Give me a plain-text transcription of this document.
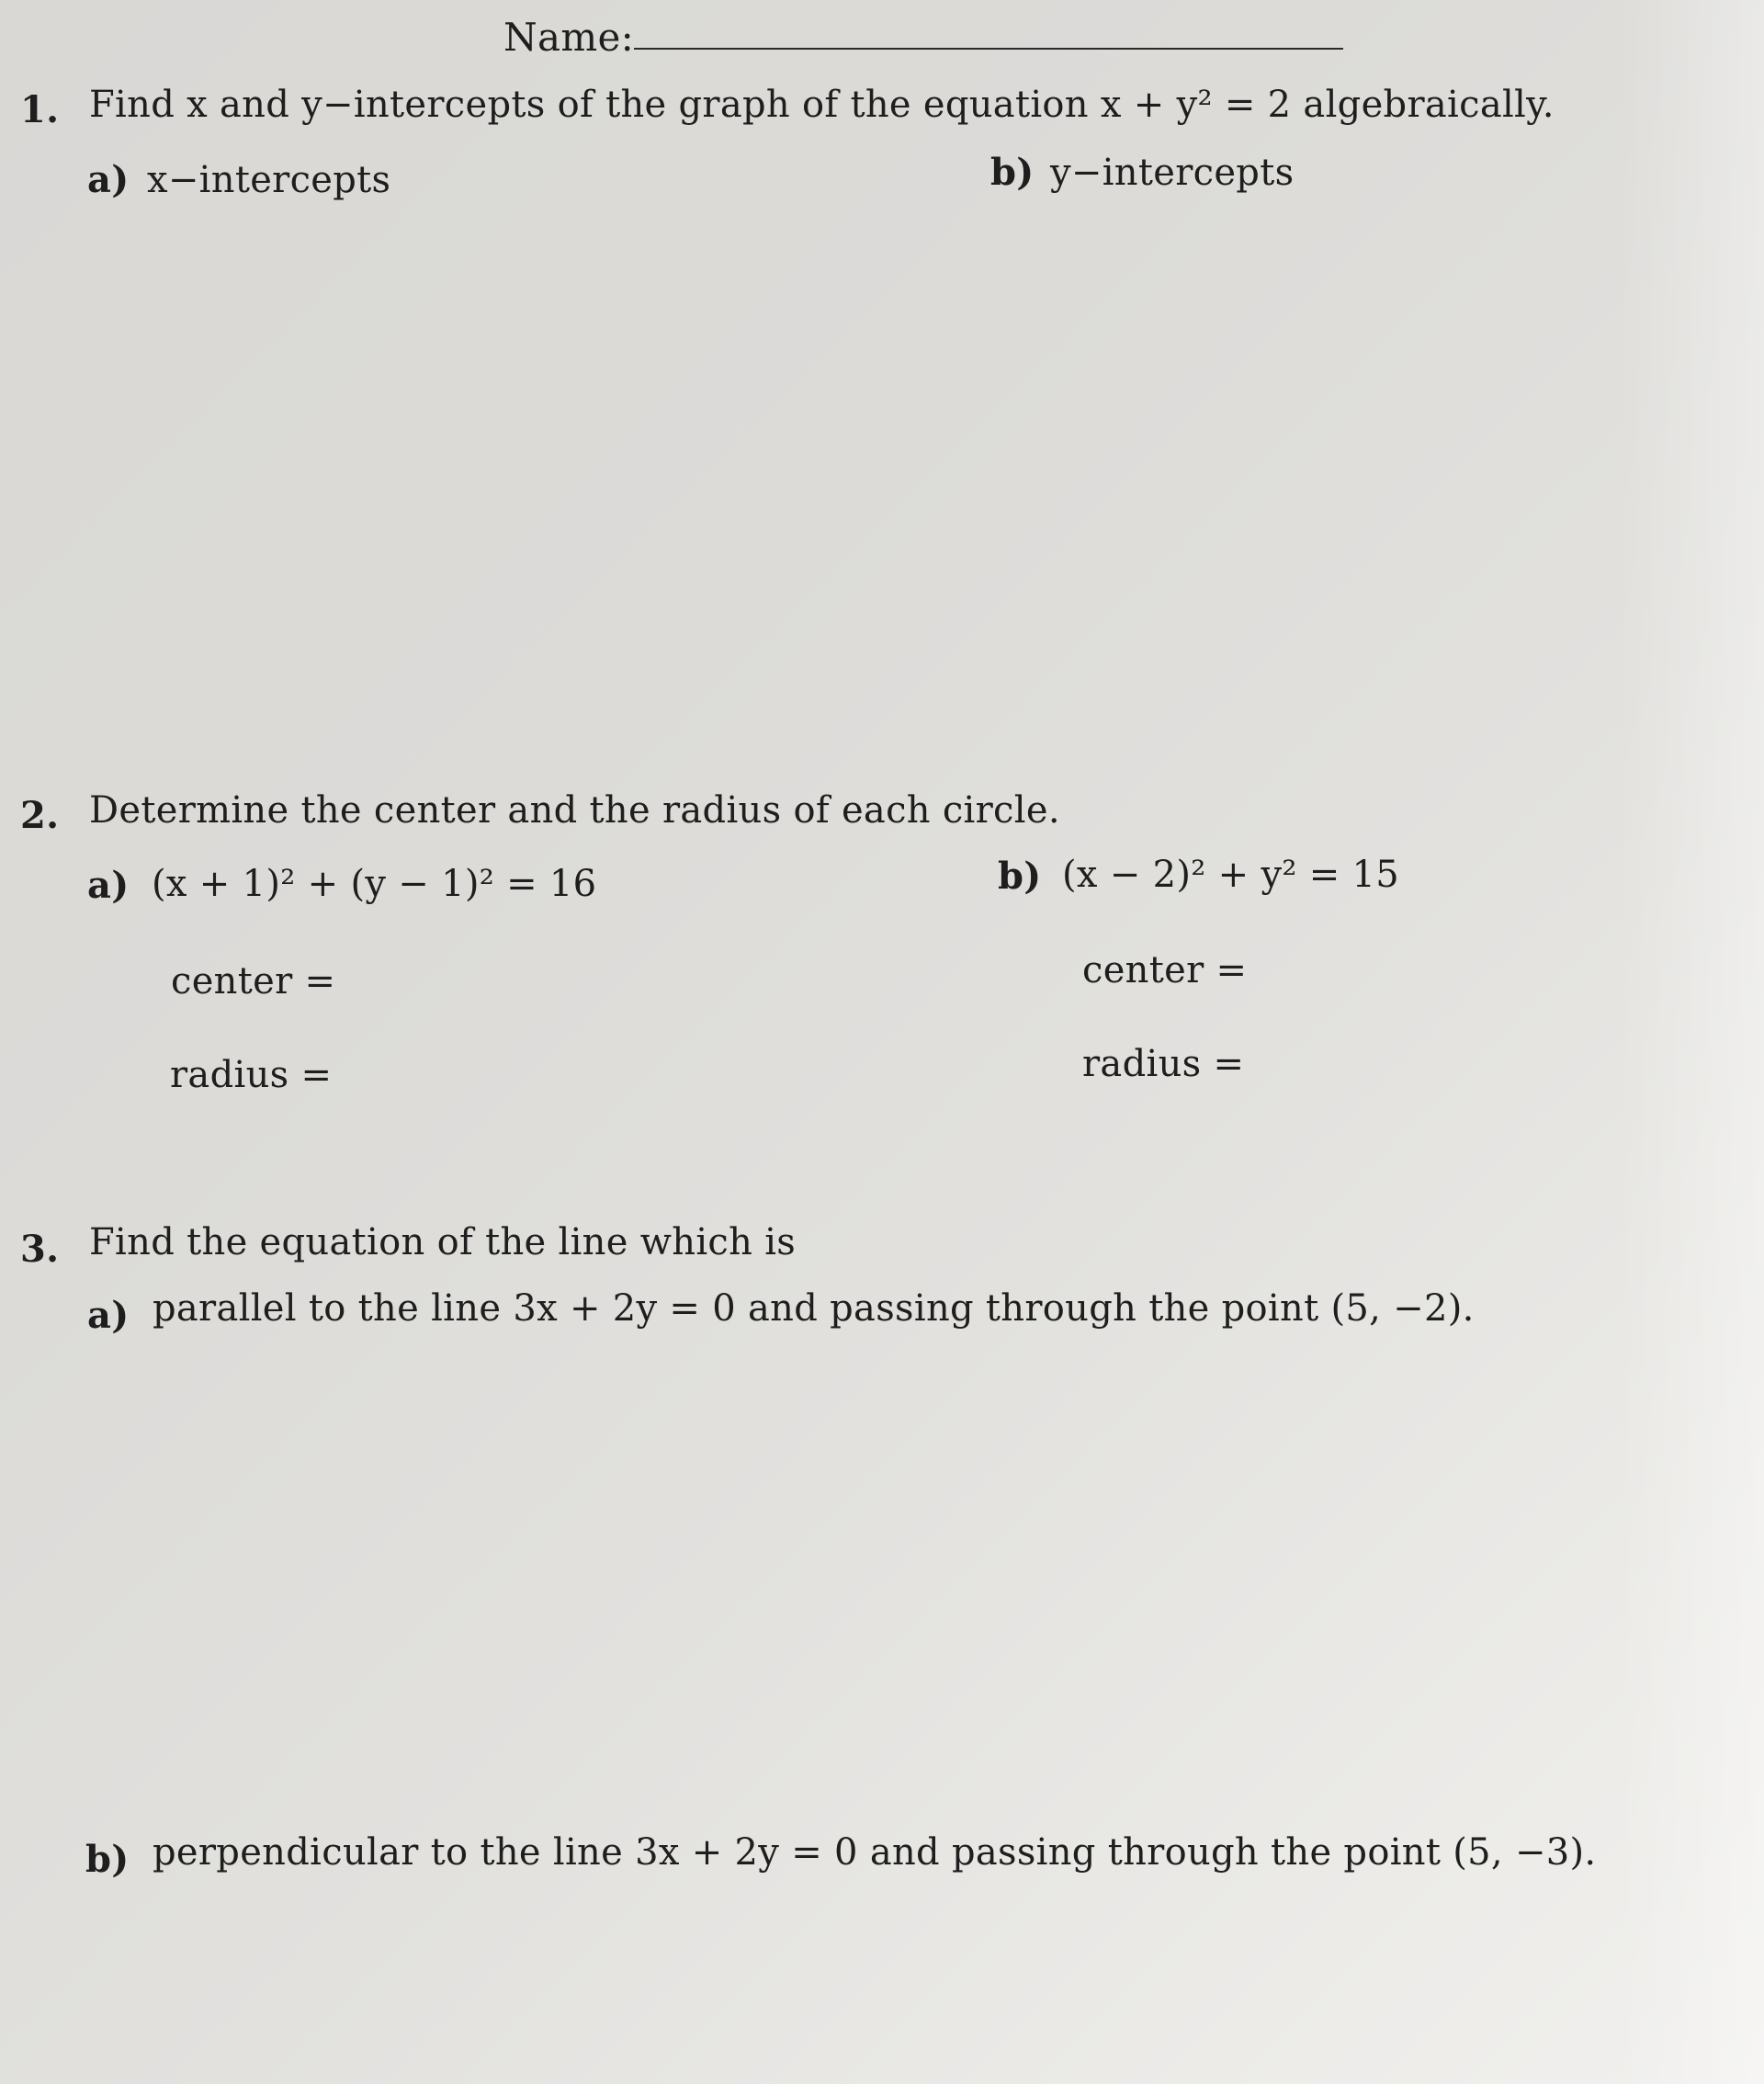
Name:
1. Find x and y−intercepts of the graph of the equation x + y² = 2 algebraically.
a) x−intercepts	b) y−intercepts
2. Determine the center and the radius of each circle.
a) (x + 1)² + (y − 1)² = 16	b) (x − 2)² + y² = 15
center =	center =
radius =	radius =
3. Find the equation of the line which is
a) parallel to the line 3x + 2y = 0 and passing through the point (5, −2).
b) perpendicular to the line 3x + 2y = 0 and passing through the point (5, −3).
